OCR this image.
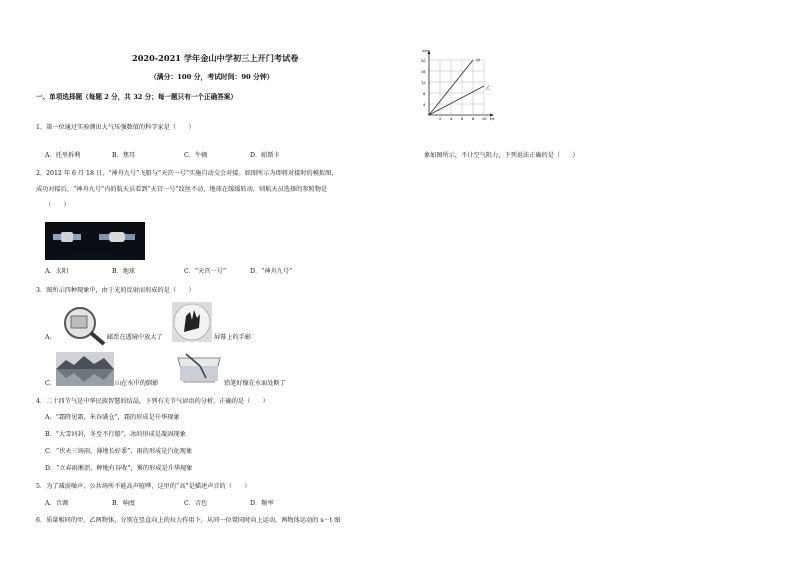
2020-2021 学年金山中学初三上开门考试卷
（满分：100 分，考试时间：90 分钟）
一、单项选择题（每题 2 分，共 32 分；每一题只有一个正确答案）
1、第一位通过实验测出大气压强数值的科学家是（　　）
A．托里拆利	B．焦耳	C．牛顿	D．帕斯卡
2、2012 年 6 月 18 日，“神舟九号”飞船与“天宫一号”实施自动交会对接。如图所示为即将对接时的模拟图，
成功对接后，“神舟九号”内的航天员看到“天宫一号”纹丝不动，地球在缓缓转动，则航天员选择的参照物是
（　　）
A．太阳	B．地球	C．“天宫一号”	D．“神舟九号”
3．图所示四种现象中，由于光的反射而形成的是（　　）
A．	邮票在透镜中放大了	屏幕上的手影
C．	山在水中的倒影	铅笔好像在水面处断了
4．二十四节气是中华民族智慧的结晶，下列有关节气谚语的分析，正确的是（　　）
A．“霜降见霜，米谷满仓”，霜的形成是升华现象
B．“大雪河封，冬至不行船”，冰的形成是凝固现象
C．“伏天三场雨，薄地长好黍”，雨的形成是汽化现象
D．“立春雨淅沥，种地有谷收”，雾的形成是升华现象
5．为了减弱噪声，公共场所不能高声喧哗，这里的“高”是描述声音的（　　）
A．音调	B．响度	C．音色	D．频率
6．质量相同的甲、乙两物体，分别在竖直向上的拉力作用下，从同一位置同时向上运动，两物体运动的 s－t 图
象如图所示，不计空气阻力，下列说法正确的是（　　）
s/m
t/s
20
16
12
8
4
2 4 6 8 10
甲
乙
